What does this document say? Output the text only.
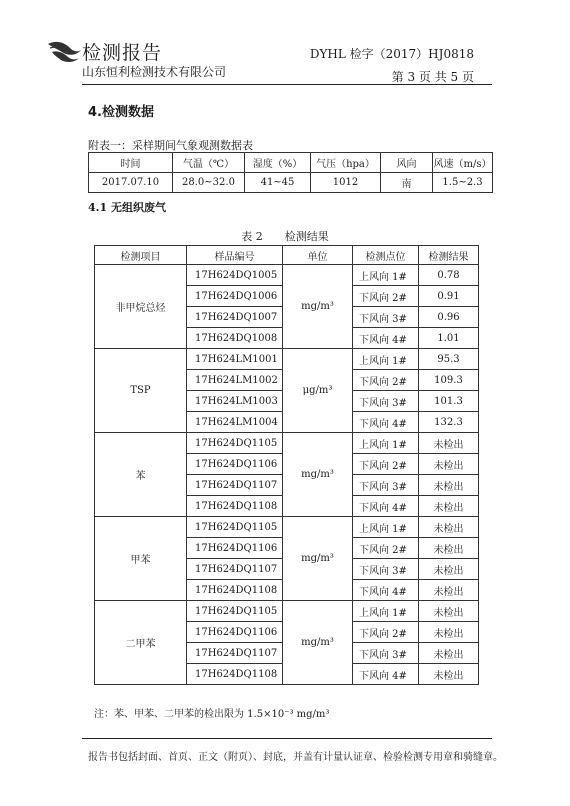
检测报告
山东恒利检测技术有限公司
DYHL 检字（2017）HJ0818
第 3 页 共 5 页
4.检测数据
附表一：采样期间气象观测数据表
时间	气温（℃）	湿度（%）	气压（hpa）	风向	风速（m/s）
2017.07.10	28.0~32.0	41~45	1012	南	1.5~2.3
4.1 无组织废气
表 2　　检测结果
检测项目	样品编号	单位	检测点位	检测结果
非甲烷总烃	17H624DQ1005	mg/m³	上风向 1#	0.78
	17H624DQ1006		下风向 2#	0.91
	17H624DQ1007		下风向 3#	0.96
	17H624DQ1008		下风向 4#	1.01
TSP	17H624LM1001	μg/m³	上风向 1#	95.3
	17H624LM1002		下风向 2#	109.3
	17H624LM1003		下风向 3#	101.3
	17H624LM1004		下风向 4#	132.3
苯	17H624DQ1105	mg/m³	上风向 1#	未检出
	17H624DQ1106		下风向 2#	未检出
	17H624DQ1107		下风向 3#	未检出
	17H624DQ1108		下风向 4#	未检出
甲苯	17H624DQ1105	mg/m³	上风向 1#	未检出
	17H624DQ1106		下风向 2#	未检出
	17H624DQ1107		下风向 3#	未检出
	17H624DQ1108		下风向 4#	未检出
二甲苯	17H624DQ1105	mg/m³	上风向 1#	未检出
	17H624DQ1106		下风向 2#	未检出
	17H624DQ1107		下风向 3#	未检出
	17H624DQ1108		下风向 4#	未检出
注：苯、甲苯、二甲苯的检出限为 1.5×10⁻³ mg/m³
报告书包括封面、首页、正文（附页）、封底，并盖有计量认证章、检验检测专用章和骑缝章。
